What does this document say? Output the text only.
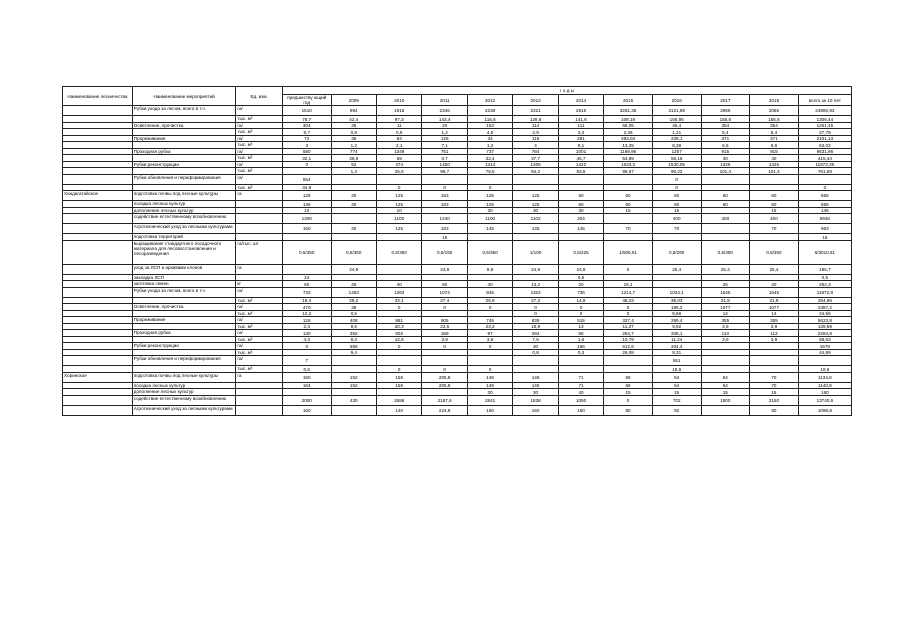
Наименование лесничества	Наименование мероприятий	Ед. изм.	г о д ы											
			предшеству ющий год	2009	2010	2011	2012	2013	2014	2015	2016	2017	2018	всего за 10 лет
	Рубки ухода за лесом, всего в т.ч.	га/	1510	894	1918	2346	2238	2321	2815	3281,35	3121,58	2966	2066	24880,93
		тыс. м³	78,7	42,4	97,3	143,4	116,6	128,8	141,6	108,19	155,95	155,6	155,6	1306,44
	Осветление, прочистка	га/	304	35	11	20	153	114	111	66,05	45,4	354	354	1261,45
		тыс. м³	8,7	0,8	0,6	1,2	4,5	2,9	3,3	2,36	1,21	5,4	5,4	27,79
	Прореживание	га/	72	35	84	125	34	118	281	393,03	239,1	371	371	2101,13
		тыс. м³	3	1,2	2,1	7,1	1,2	4	9,1	13,25	8,38	6,6	6,6	63,03
	Проходная рубка	га/	580	774	1349	751	737	784	1001	1169,96	1257	915	915	9631,96
		тыс. м³	32,1	38,9	69	0,7	32,4	37,7	45,7	54,89	58,15	40	40	415,44
	Рубки реконструкции	га/	0	52	474	1450	1314	1305	1422	1633,3	1530,05	1326	1326	11872,35
		тыс. м³		1,4	25,6	96,7	78,5	84,2	83,5	98,67	90,22	101,4	101,4	761,59
	Рубки обновления и переформирования	га/	554								0			
		тыс. м³	34,8		0	0	0				0			0
Хандагатайское	подготовка почвы под лесные культуры	га	125	30	125	163	125	125	60	60	60	60	60	865
	посадка лесных культур		136	30	125	163	125	125	60	60	60	60	60	865
	дополнение лесных культур		10		10		30	30	30	15	15		15	145
	содействие естественному возобновлению		1300		1100	1240	1100	1102	204		400	400	400	5946
	Агротехнический уход за лесными культурами		150	30	125	163	145	145	145	70	70		70	963
	подготовка территорий					15								15
	выращивание стандартного посадочного материала для лесовосстановления и лесоразведения	га/тыс. шт	0,5/350	0,5/350	0,5/350	0,5/150	0,5/350	1/100	0,5/225	1/505,61	0,5/280	0,5/350	0,5/350	6/3010,61
	уход за ЛСП и архивами клонов	га		24,9		24,9	9,9	24,9	24,9	0	25,4	25,4	25,4	185,7
	закладка ЛСП		24						0,5					0,5
	заготовка семян	кг	60	26	40	60	40	13,2	20	16,1		25	20	262,3
	Рубки ухода за лесом, всего в т.ч.	га/	733	1463	1363	1074	845	1153	736	1214,7	1034,1	1545	1545	11972,8
		тыс. м³	19,4	28,2	33,1	27,4	26,9	27,3	14,9	48,23	35,03	21,8	21,8	284,66
	Осветление, прочистка	га/	470	38	0	0	0	0	0	0	195,2	1077	1077	2387,2
		тыс. м³	12,2	0,5				0	0	0	5,66	14	14	34,56
	Прореживание	га/	126	408	861	905	745	839	515	337,4	299,4	355	355	5623,8
		тыс. м³	2,3	9,6	20,3	23,5	23,3	18,9	13	11,37	9,92	3,9	3,9	139,69
	Проходная рубка	га/	130	352	502	169	97	284	55	264,7	335,1	113	113	2284,8
		тыс. м³	4,3	9,3	12,8	3,9	3,6	7,6	1,6	10,79	11,24	3,9	3,9	68,63
	Рубки реконструкции	га/	0	665	0	0	0	30	166	612,6	204,4			1678
		тыс. м³		9,4				0,8	0,3	26,08	8,31			44,89
	Рубки обновления и переформирования	га/	7								551			
		тыс. м³	0,6		0	0	0				18,6			18,6
Хоринское	подготовка почвы под лесные культуры	га	150	152	156	205,8	146	146	71	66	54	64	70	1134,8
	посадка лесных культур		164	152	156	205,8	146	146	71	66	54	64	70	1140,8
	дополнение лесных культур						30	30	40	15	15	15	15	160
	содействие естественному возобновлению		2000	430	2686	2187,6	2841	1838	1050	0	702	1900	2150	13740,6
	Агротехнический уход за лесными культурами		160		140	224,8	160	160	160	80	92		80	1096,8
